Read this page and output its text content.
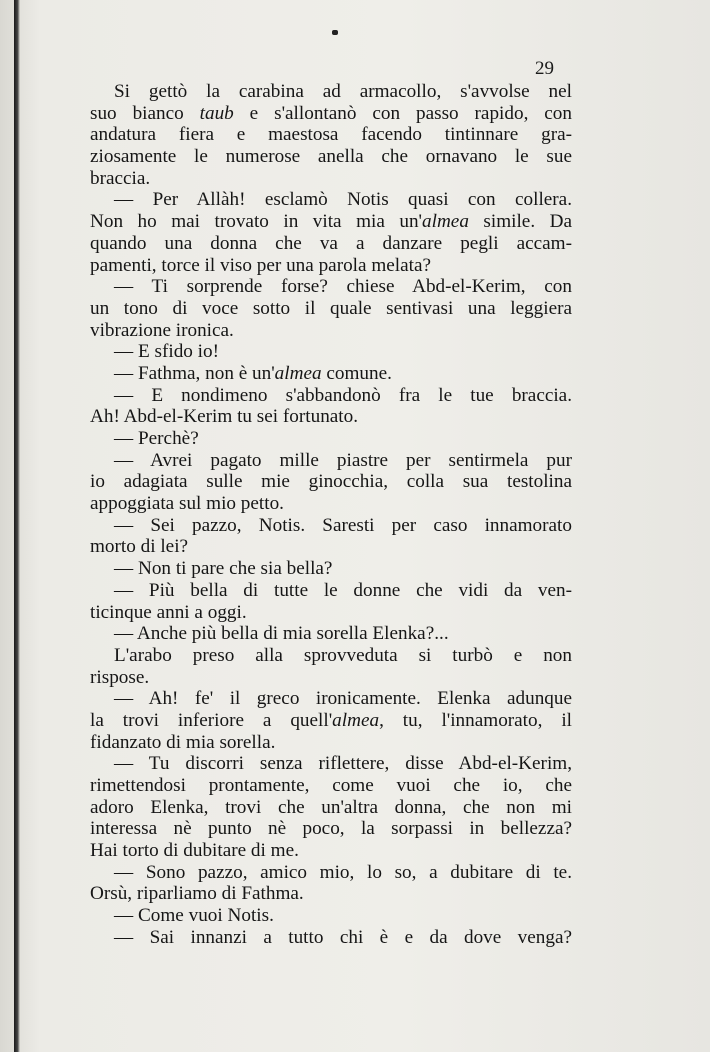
29
Si gettò la carabina ad armacollo, s'avvolse nel
suo bianco taub e s'allontanò con passo rapido, con
andatura fiera e maestosa facendo tintinnare gra-
ziosamente le numerose anella che ornavano le sue
braccia.
— Per Allàh! esclamò Notis quasi con collera.
Non ho mai trovato in vita mia un'almea simile. Da
quando una donna che va a danzare pegli accam-
pamenti, torce il viso per una parola melata?
— Ti sorprende forse? chiese Abd-el-Kerim, con
un tono di voce sotto il quale sentivasi una leggiera
vibrazione ironica.
— E sfido io!
— Fathma, non è un'almea comune.
— E nondimeno s'abbandonò fra le tue braccia.
Ah! Abd-el-Kerim tu sei fortunato.
— Perchè?
— Avrei pagato mille piastre per sentirmela pur
io adagiata sulle mie ginocchia, colla sua testolina
appoggiata sul mio petto.
— Sei pazzo, Notis. Saresti per caso innamorato
morto di lei?
— Non ti pare che sia bella?
— Più bella di tutte le donne che vidi da ven-
ticinque anni a oggi.
— Anche più bella di mia sorella Elenka?...
L'arabo preso alla sprovveduta si turbò e non
rispose.
— Ah! fe' il greco ironicamente. Elenka adunque
la trovi inferiore a quell'almea, tu, l'innamorato, il
fidanzato di mia sorella.
— Tu discorri senza riflettere, disse Abd-el-Kerim,
rimettendosi prontamente, come vuoi che io, che
adoro Elenka, trovi che un'altra donna, che non mi
interessa nè punto nè poco, la sorpassi in bellezza?
Hai torto di dubitare di me.
— Sono pazzo, amico mio, lo so, a dubitare di te.
Orsù, riparliamo di Fathma.
— Come vuoi Notis.
— Sai innanzi a tutto chi è e da dove venga?
